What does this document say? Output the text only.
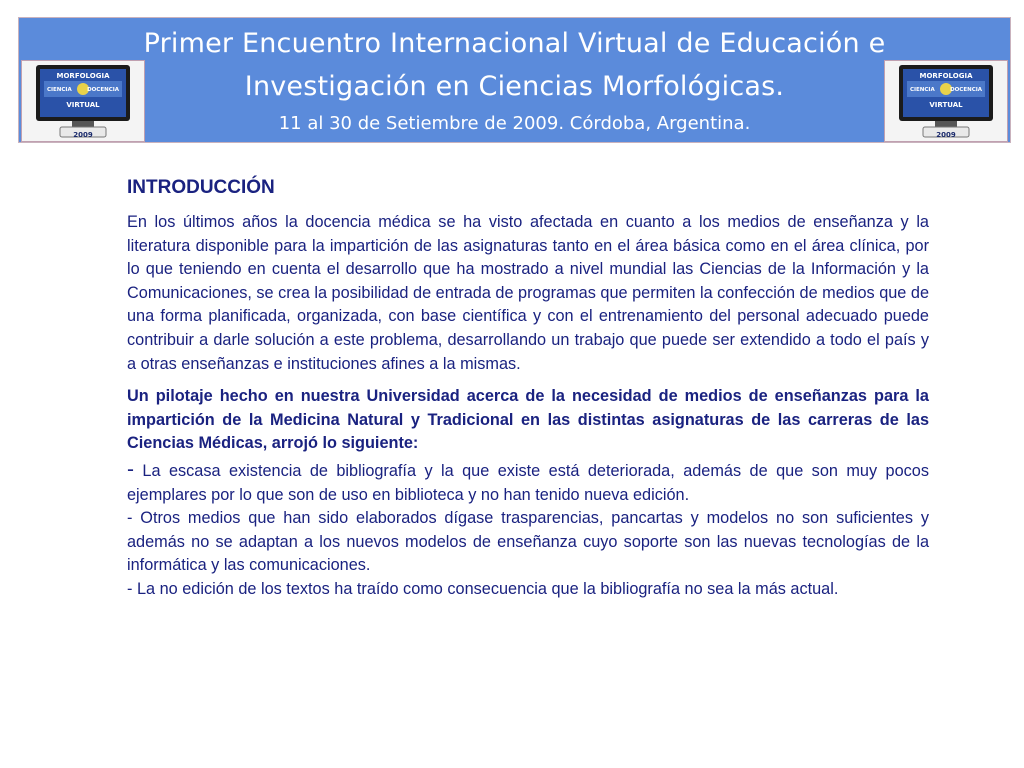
Primer Encuentro Internacional Virtual de Educación e
Investigación en Ciencias Morfológicas.
11 al 30 de Setiembre de 2009. Córdoba, Argentina.
MORFOLOGIA
CIENCIA	DOCENCIA
VIRTUAL
2009
MORFOLOGIA
CIENCIA	DOCENCIA
VIRTUAL
2009
INTRODUCCIÓN

En los últimos años la docencia médica se ha visto afectada en cuanto a los medios de enseñanza y la literatura disponible para la impartición de las asignaturas tanto en el área básica como en el área clínica, por lo que teniendo en cuenta el desarrollo que ha mostrado a nivel mundial las Ciencias de la Información y la Comunicaciones, se crea la posibilidad de entrada de programas que permiten la confección de medios que de una forma planificada, organizada, con base científica y con el entrenamiento del personal adecuado puede contribuir a darle solución a este problema, desarrollando un trabajo que puede ser extendido a todo el país y a otras enseñanzas e instituciones afines a la mismas.

Un pilotaje hecho en nuestra Universidad acerca de la necesidad de medios de enseñanzas para la impartición de la Medicina Natural y Tradicional en las distintas asignaturas de las carreras de las Ciencias Médicas, arrojó lo siguiente:

- La escasa existencia de bibliografía y la que existe está deteriorada, además de que son muy pocos ejemplares por lo que son de uso en biblioteca y no han tenido nueva edición.

- Otros medios que han sido elaborados dígase trasparencias, pancartas y modelos no son suficientes y además no se adaptan a los nuevos modelos de enseñanza cuyo soporte son las nuevas tecnologías de la informática y las comunicaciones.

- La no edición de los textos ha traído como consecuencia que la bibliografía no sea la más actual.
